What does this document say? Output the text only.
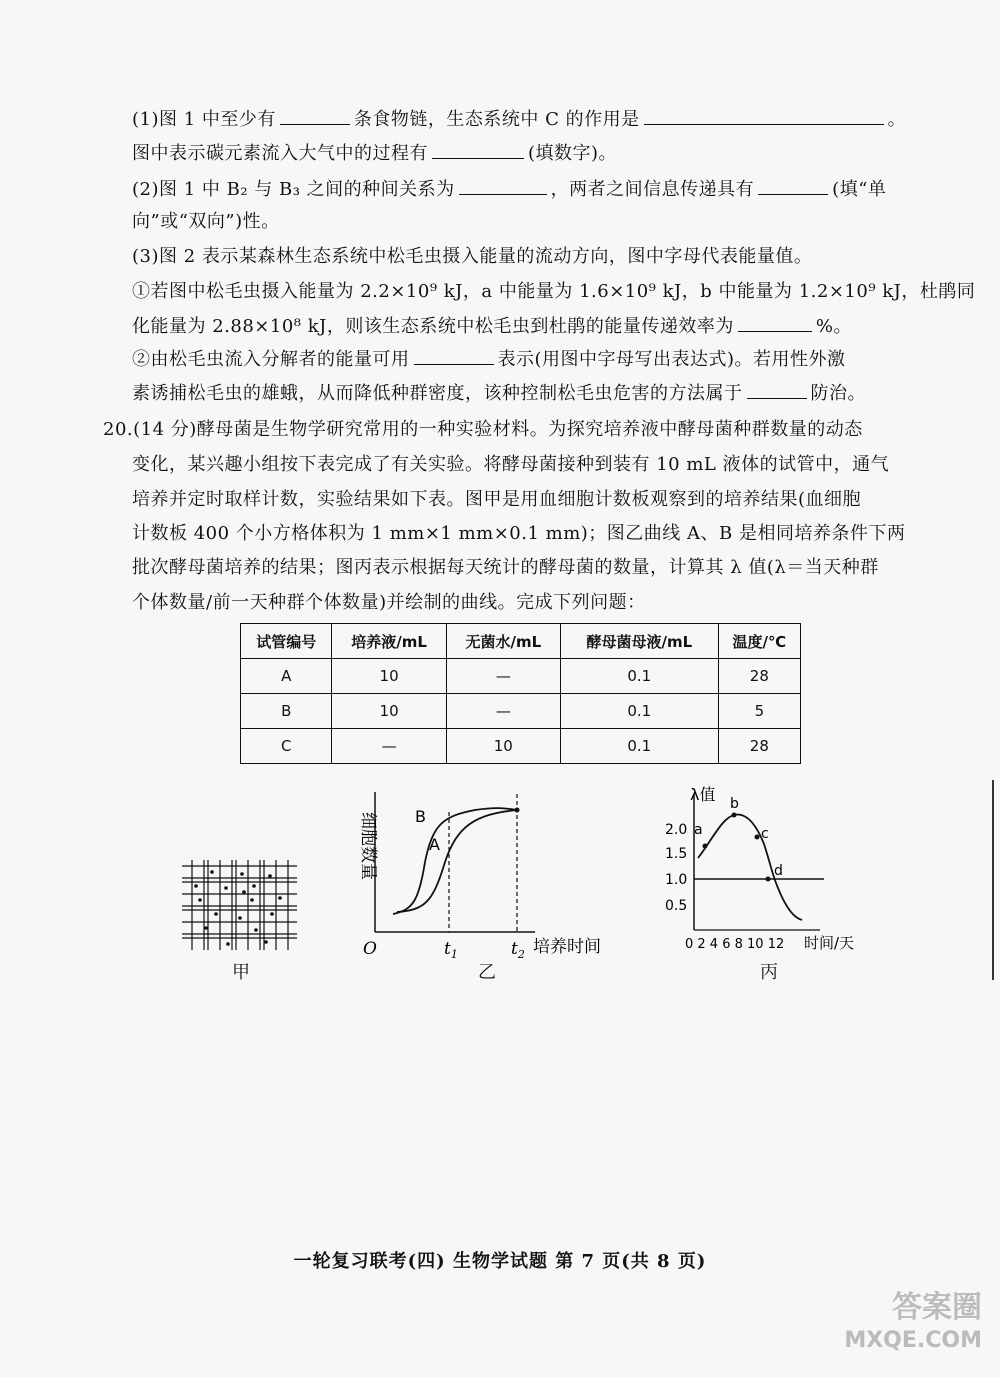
(1)图 1 中至少有	条食物链，生态系统中 C 的作用是	。
图中表示碳元素流入大气中的过程有	(填数字)。
(2)图 1 中 B₂ 与 B₃ 之间的种间关系为	，两者之间信息传递具有	(填“单
向”或“双向”)性。
(3)图 2 表示某森林生态系统中松毛虫摄入能量的流动方向，图中字母代表能量值。
①若图中松毛虫摄入能量为 2.2×10⁹ kJ，a 中能量为 1.6×10⁹ kJ，b 中能量为 1.2×10⁹ kJ，杜鹃同
化能量为 2.88×10⁸ kJ，则该生态系统中松毛虫到杜鹃的能量传递效率为	%。
②由松毛虫流入分解者的能量可用	表示(用图中字母写出表达式)。若用性外激
素诱捕松毛虫的雄蛾，从而降低种群密度，该种控制松毛虫危害的方法属于	防治。
20.(14 分)酵母菌是生物学研究常用的一种实验材料。为探究培养液中酵母菌种群数量的动态
变化，某兴趣小组按下表完成了有关实验。将酵母菌接种到装有 10 mL 液体的试管中，通气
培养并定时取样计数，实验结果如下表。图甲是用血细胞计数板观察到的培养结果(血细胞
计数板 400 个小方格体积为 1 mm×1 mm×0.1 mm)；图乙曲线 A、B 是相同培养条件下两
批次酵母菌培养的结果；图丙表示根据每天统计的酵母菌的数量，计算其 λ 值(λ＝当天种群
个体数量/前一天种群个体数量)并绘制的曲线。完成下列问题：
试管编号	培养液/mL	无菌水/mL	酵母菌母液/mL	温度/℃
A	10	—	0.1	28
B	10	—	0.1	5
C	—	10	0.1	28
甲
细胞数量
O	$t_1$	$t_2$ 培养时间
B
A
乙
λ值
2.0
1.5
1.0
0.5
a
b
c
d
0 2 4 6 8 10 12 时间/天
丙
一轮复习联考(四) 生物学试题 第 7 页(共 8 页)
答案圈
MXQE.COM
